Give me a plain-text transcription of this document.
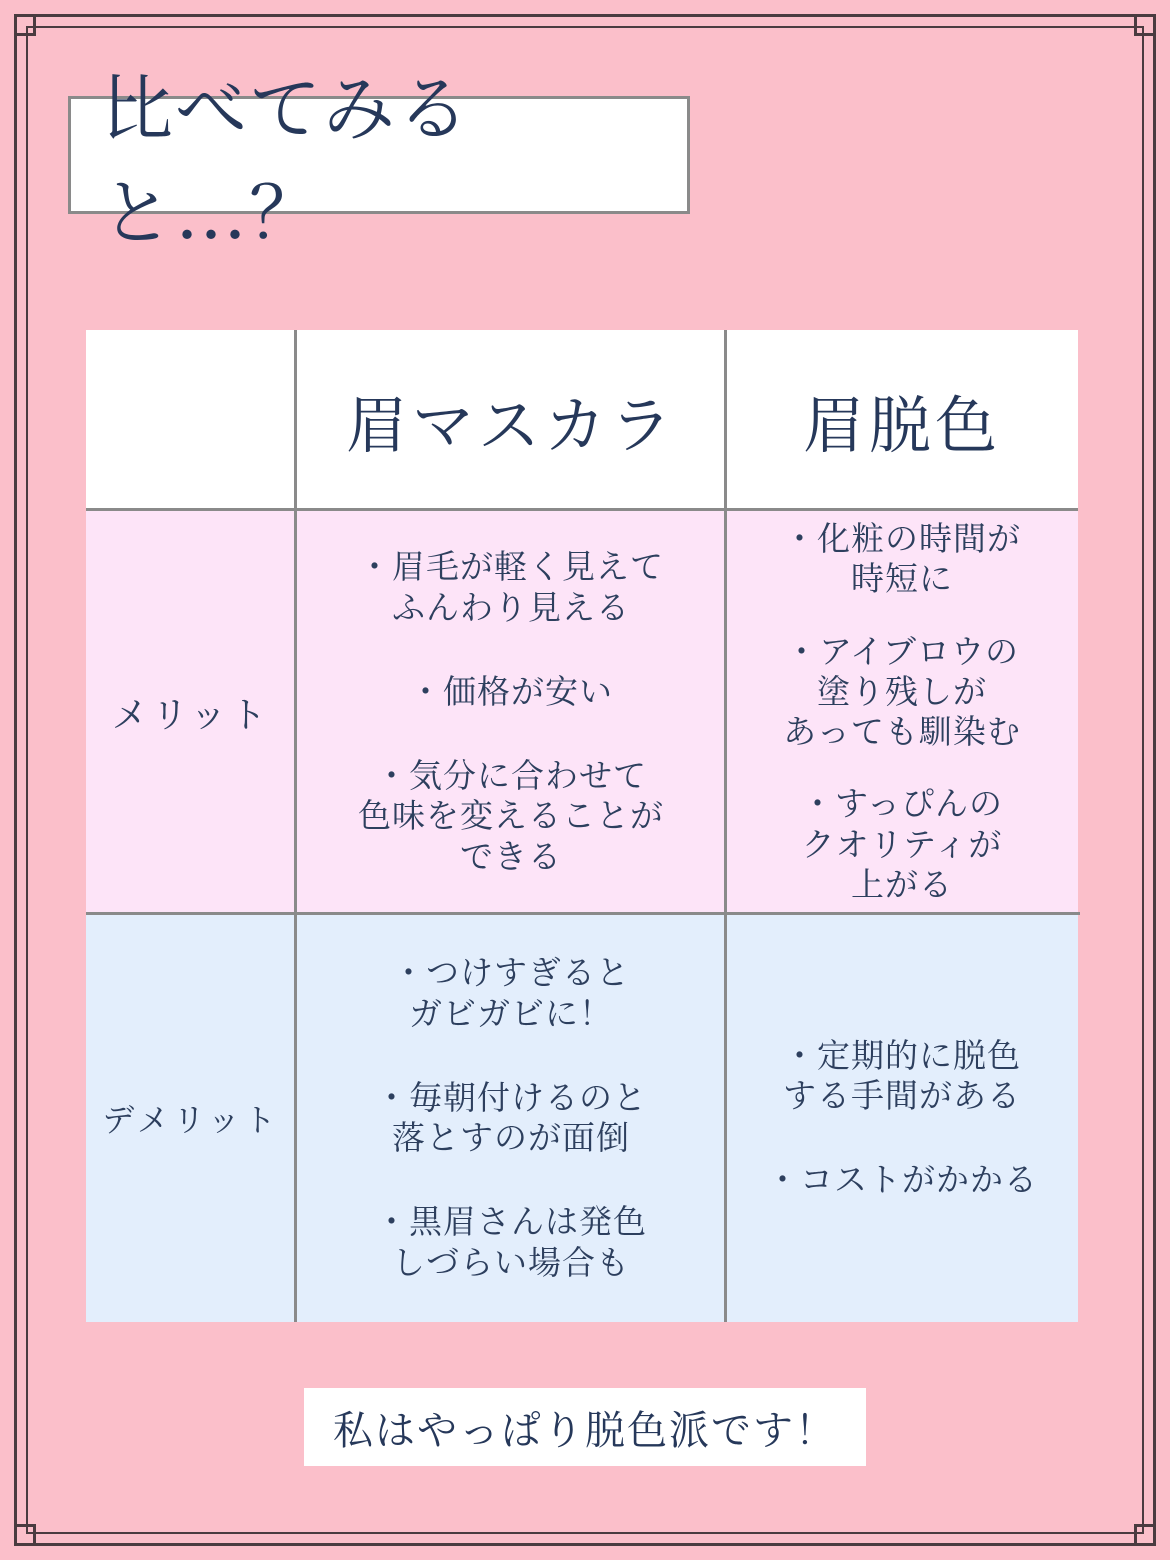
比べてみると…？
眉マスカラ 眉脱色
メリット
・眉毛が軽く見えて
ふんわり見える
・価格が安い
・気分に合わせて
色味を変えることが
できる
・化粧の時間が
時短に
・アイブロウの
塗り残しが
あっても馴染む
・すっぴんの
クオリティが
上がる
デメリット
・つけすぎると
ガビガビに！
・毎朝付けるのと
落とすのが面倒
・黒眉さんは発色
しづらい場合も
・定期的に脱色
する手間がある
・コストがかかる
私はやっぱり脱色派です！
